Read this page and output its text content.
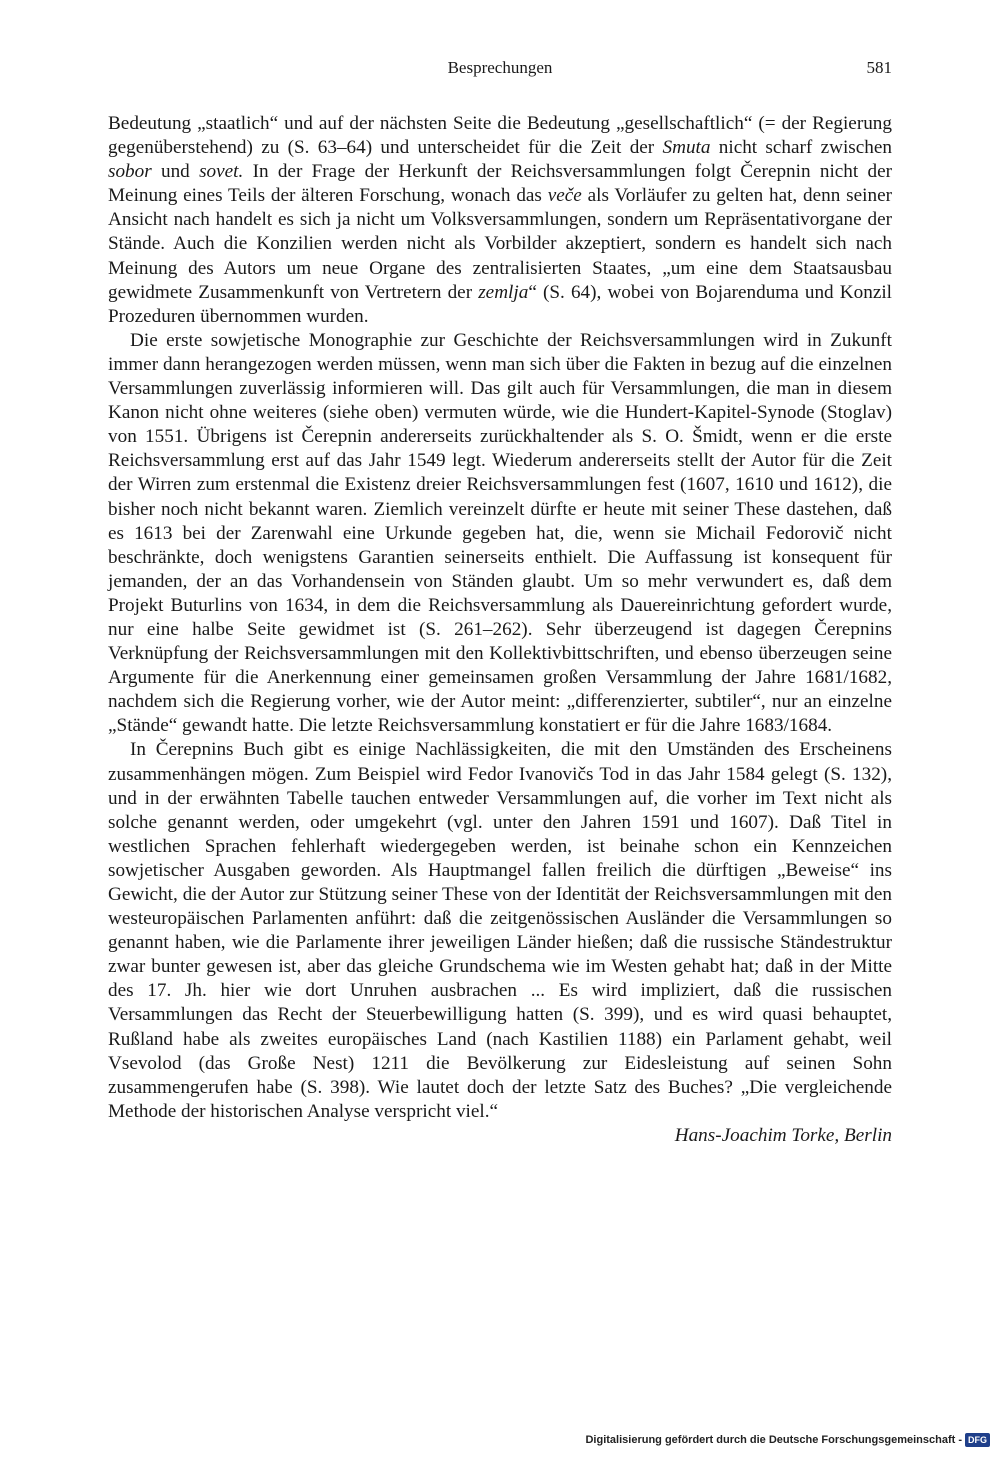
Besprechungen	581

Bedeutung „staatlich“ und auf der nächsten Seite die Bedeutung „gesellschaftlich“ (= der Regierung gegenüberstehend) zu (S. 63–64) und unterscheidet für die Zeit der Smuta nicht scharf zwischen sobor und sovet. In der Frage der Herkunft der Reichsversammlungen folgt Čerepnin nicht der Meinung eines Teils der älteren Forschung, wonach das veče als Vorläufer zu gelten hat, denn seiner Ansicht nach handelt es sich ja nicht um Volksversammlungen, sondern um Repräsentativorgane der Stände. Auch die Konzilien werden nicht als Vorbilder akzeptiert, sondern es handelt sich nach Meinung des Autors um neue Organe des zentralisierten Staates, „um eine dem Staatsausbau gewidmete Zusammenkunft von Vertretern der zemlja“ (S. 64), wobei von Bojarenduma und Konzil Prozeduren übernommen wurden.

Die erste sowjetische Monographie zur Geschichte der Reichsversammlungen wird in Zukunft immer dann herangezogen werden müssen, wenn man sich über die Fakten in bezug auf die einzelnen Versammlungen zuverlässig informieren will. Das gilt auch für Versammlungen, die man in diesem Kanon nicht ohne weiteres (siehe oben) vermuten würde, wie die Hundert-Kapitel-Synode (Stoglav) von 1551. Übrigens ist Čerepnin andererseits zurückhaltender als S. O. Šmidt, wenn er die erste Reichsversammlung erst auf das Jahr 1549 legt. Wiederum andererseits stellt der Autor für die Zeit der Wirren zum erstenmal die Existenz dreier Reichsversammlungen fest (1607, 1610 und 1612), die bisher noch nicht bekannt waren. Ziemlich vereinzelt dürfte er heute mit seiner These dastehen, daß es 1613 bei der Zarenwahl eine Urkunde gegeben hat, die, wenn sie Michail Fedorovič nicht beschränkte, doch wenigstens Garantien seinerseits enthielt. Die Auffassung ist konsequent für jemanden, der an das Vorhandensein von Ständen glaubt. Um so mehr verwundert es, daß dem Projekt Buturlins von 1634, in dem die Reichsversammlung als Dauereinrichtung gefordert wurde, nur eine halbe Seite gewidmet ist (S. 261–262). Sehr überzeugend ist dagegen Čerepnins Verknüpfung der Reichsversammlungen mit den Kollektivbittschriften, und ebenso überzeugen seine Argumente für die Anerkennung einer gemeinsamen großen Versammlung der Jahre 1681/1682, nachdem sich die Regierung vorher, wie der Autor meint: „differenzierter, subtiler“, nur an einzelne „Stände“ gewandt hatte. Die letzte Reichsversammlung konstatiert er für die Jahre 1683/1684.

In Čerepnins Buch gibt es einige Nachlässigkeiten, die mit den Umständen des Erscheinens zusammenhängen mögen. Zum Beispiel wird Fedor Ivanovičs Tod in das Jahr 1584 gelegt (S. 132), und in der erwähnten Tabelle tauchen entweder Versammlungen auf, die vorher im Text nicht als solche genannt werden, oder umgekehrt (vgl. unter den Jahren 1591 und 1607). Daß Titel in westlichen Sprachen fehlerhaft wiedergegeben werden, ist beinahe schon ein Kennzeichen sowjetischer Ausgaben geworden. Als Hauptmangel fallen freilich die dürftigen „Beweise“ ins Gewicht, die der Autor zur Stützung seiner These von der Identität der Reichsversammlungen mit den westeuropäischen Parlamenten anführt: daß die zeitgenössischen Ausländer die Versammlungen so genannt haben, wie die Parlamente ihrer jeweiligen Länder hießen; daß die russische Ständestruktur zwar bunter gewesen ist, aber das gleiche Grundschema wie im Westen gehabt hat; daß in der Mitte des 17. Jh. hier wie dort Unruhen ausbrachen ... Es wird impliziert, daß die russischen Versammlungen das Recht der Steuerbewilligung hatten (S. 399), und es wird quasi behauptet, Rußland habe als zweites europäisches Land (nach Kastilien 1188) ein Parlament gehabt, weil Vsevolod (das Große Nest) 1211 die Bevölkerung zur Eidesleistung auf seinen Sohn zusammengerufen habe (S. 398). Wie lautet doch der letzte Satz des Buches? „Die vergleichende Methode der historischen Analyse verspricht viel.“

Hans-Joachim Torke, Berlin

Digitalisierung gefördert durch die Deutsche Forschungsgemeinschaft - DFG
